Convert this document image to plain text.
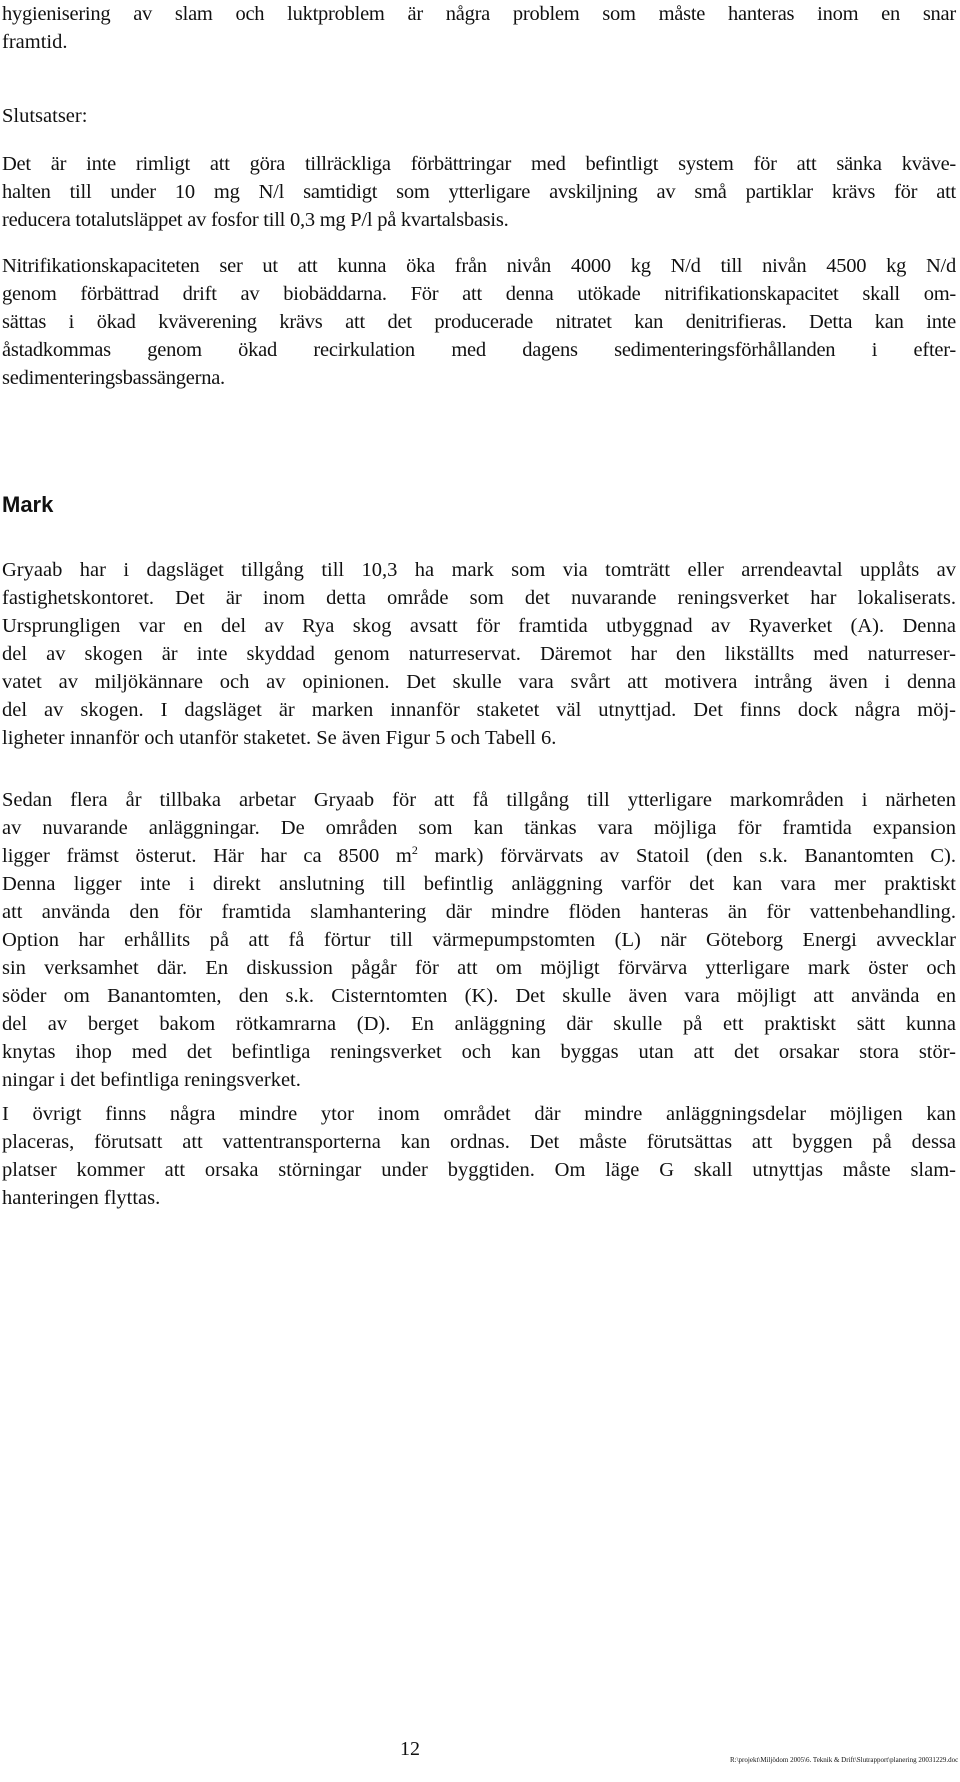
hygienisering av slam och luktproblem är några problem som måste hanteras inom en snar
framtid.
Slutsatser:
Det är inte rimligt att göra tillräckliga förbättringar med befintligt system för att sänka kväve-
halten till under 10 mg N/l samtidigt som ytterligare avskiljning av små partiklar krävs för att
reducera totalutsläppet av fosfor till 0,3 mg P/l på kvartalsbasis.
Nitrifikationskapaciteten ser ut att kunna öka från nivån 4000 kg N/d till nivån 4500 kg N/d
genom förbättrad drift av biobäddarna. För att denna utökade nitrifikationskapacitet skall om-
sättas i ökad kväverening krävs att det producerade nitratet kan denitrifieras. Detta kan inte
åstadkommas genom ökad recirkulation med dagens sedimenteringsförhållanden i efter-
sedimenteringsbassängerna.
Mark
Gryaab har i dagsläget tillgång till 10,3 ha mark som via tomträtt eller arrendeavtal upplåts av
fastighetskontoret. Det är inom detta område som det nuvarande reningsverket har lokaliserats.
Ursprungligen var en del av Rya skog avsatt för framtida utbyggnad av Ryaverket (A). Denna
del av skogen är inte skyddad genom naturreservat. Däremot har den likställts med naturreser-
vatet av miljökännare och av opinionen. Det skulle vara svårt att motivera intrång även i denna
del av skogen. I dagsläget är marken innanför staketet väl utnyttjad. Det finns dock några möj-
ligheter innanför och utanför staketet. Se även Figur 5 och Tabell 6.
Sedan flera år tillbaka arbetar Gryaab för att få tillgång till ytterligare markområden i närheten
av nuvarande anläggningar. De områden som kan tänkas vara möjliga för framtida expansion
ligger främst österut. Här har ca 8500 $m^2$ mark) förvärvats av Statoil (den s.k. Banantomten C).
Denna ligger inte i direkt anslutning till befintlig anläggning varför det kan vara mer praktiskt
att använda den för framtida slamhantering där mindre flöden hanteras än för vattenbehandling.
Option har erhållits på att få förtur till värmepumpstomten (L) när Göteborg Energi avvecklar
sin verksamhet där. En diskussion pågår för att om möjligt förvärva ytterligare mark öster och
söder om Banantomten, den s.k. Cisterntomten (K). Det skulle även vara möjligt att använda en
del av berget bakom rötkamrarna (D). En anläggning där skulle på ett praktiskt sätt kunna
knytas ihop med det befintliga reningsverket och kan byggas utan att det orsakar stora stör-
ningar i det befintliga reningsverket.
I övrigt finns några mindre ytor inom området där mindre anläggningsdelar möjligen kan
placeras, förutsatt att vattentransporterna kan ordnas. Det måste förutsättas att byggen på dessa
platser kommer att orsaka störningar under byggtiden. Om läge G skall utnyttjas måste slam-
hanteringen flyttas.
12	R:\projekt\Miljödom 2005\6. Teknik & Drift\Slutrapport\planering 20031229.doc
